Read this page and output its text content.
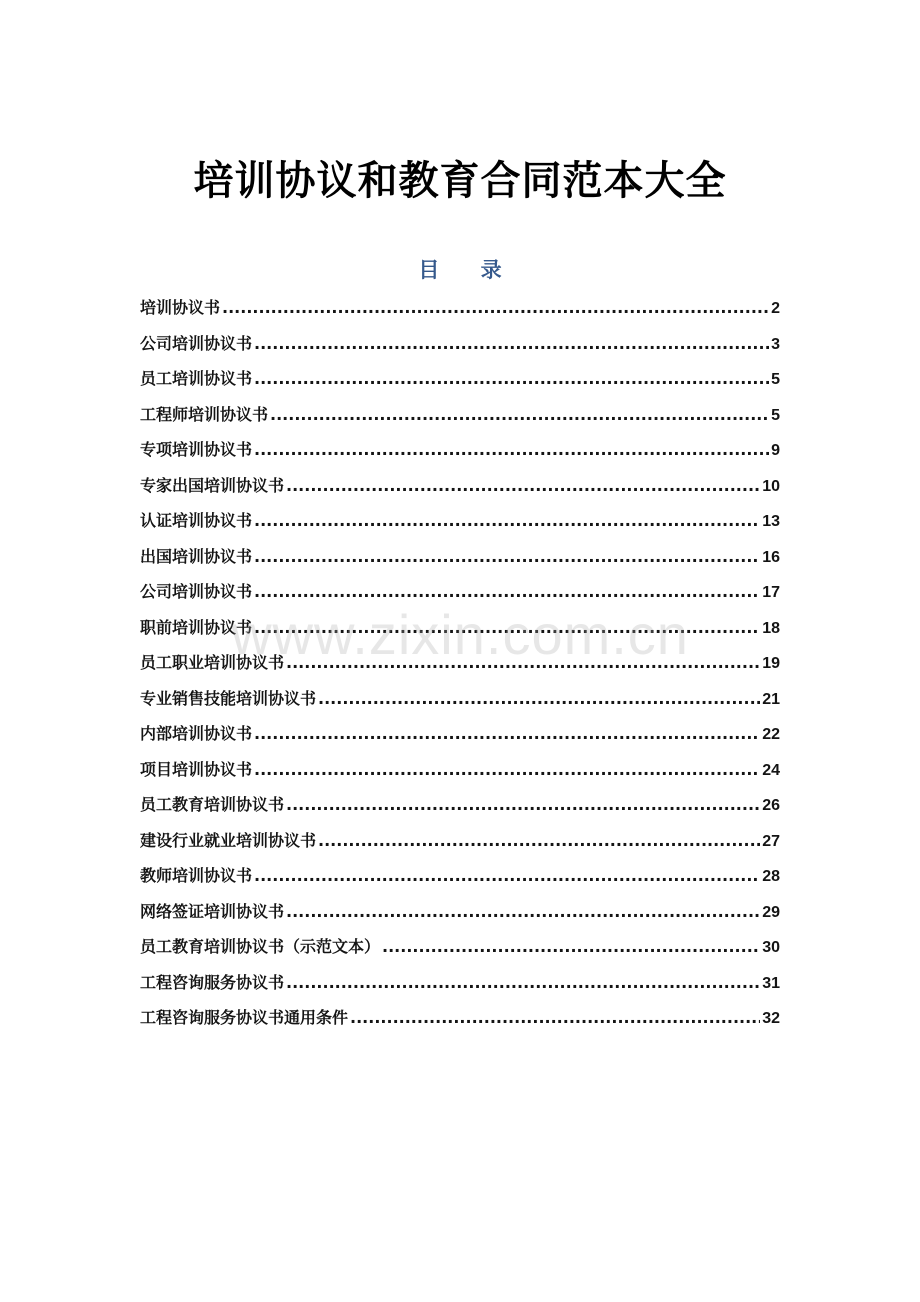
培训协议和教育合同范本大全
目 录
培训协议书 .....	2
公司培训协议书 .....	3
员工培训协议书 .....	5
工程师培训协议书 .....	5
专项培训协议书 .....	9
专家出国培训协议书 .....	10
认证培训协议书 .....	13
出国培训协议书 .....	16
公司培训协议书 .....	17
职前培训协议书 .....	18
员工职业培训协议书 .....	19
专业销售技能培训协议书 .....	21
内部培训协议书 .....	22
项目培训协议书 .....	24
员工教育培训协议书 .....	26
建设行业就业培训协议书 .....	27
教师培训协议书 .....	28
网络签证培训协议书 .....	29
员工教育培训协议书（示范文本） .....	30
工程咨询服务协议书 .....	31
工程咨询服务协议书通用条件 .....	32
www.zixin.com.cn
